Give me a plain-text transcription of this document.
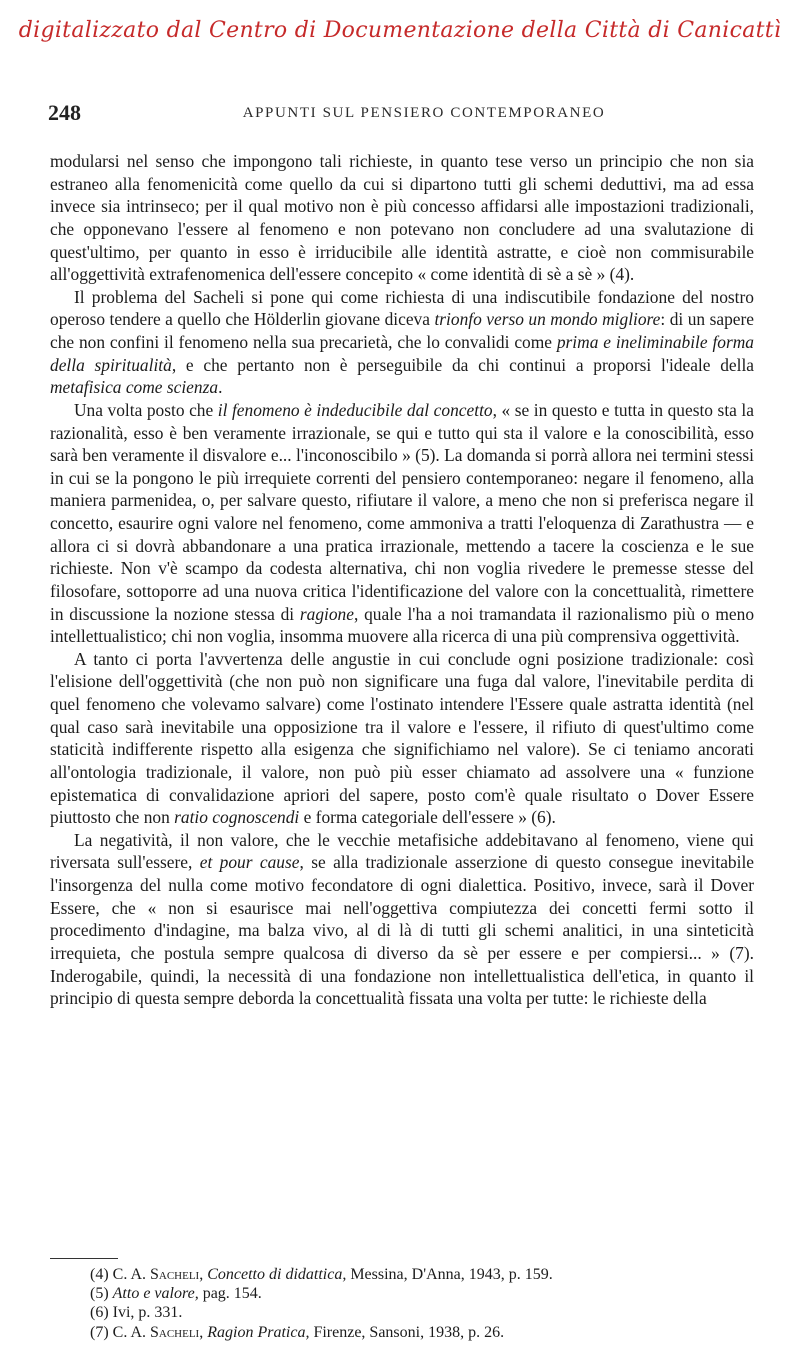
digitalizzato dal Centro di Documentazione della Città di Canicattì
248	APPUNTI SUL PENSIERO CONTEMPORANEO

modularsi nel senso che impongono tali richieste, in quanto tese verso un principio che non sia estraneo alla fenomenicità come quello da cui si dipartono tutti gli schemi deduttivi, ma ad essa invece sia intrinseco; per il qual motivo non è più concesso affidarsi alle impostazioni tradizionali, che opponevano l'essere al fenomeno e non potevano non concludere ad una svalutazione di quest'ultimo, per quanto in esso è irriducibile alle identità astratte, e cioè non commisurabile all'oggettività extrafenomenica dell'essere concepito « come identità di sè a sè » (4).

Il problema del Sacheli si pone qui come richiesta di una indiscutibile fondazione del nostro operoso tendere a quello che Hölderlin giovane diceva trionfo verso un mondo migliore: di un sapere che non confini il fenomeno nella sua precarietà, che lo convalidi come prima e ineliminabile forma della spiritualità, e che pertanto non è perseguibile da chi continui a proporsi l'ideale della metafisica come scienza.

Una volta posto che il fenomeno è indeducibile dal concetto, « se in questo e tutta in questo sta la razionalità, esso è ben veramente irrazionale, se qui e tutto qui sta il valore e la conoscibilità, esso sarà ben veramente il disvalore e... l'inconoscibilo » (5). La domanda si porrà allora nei termini stessi in cui se la pongono le più irrequiete correnti del pensiero contemporaneo: negare il fenomeno, alla maniera parmenidea, o, per salvare questo, rifiutare il valore, a meno che non si preferisca negare il concetto, esaurire ogni valore nel fenomeno, come ammoniva a tratti l'eloquenza di Zarathustra — e allora ci si dovrà abbandonare a una pratica irrazionale, mettendo a tacere la coscienza e le sue richieste. Non v'è scampo da codesta alternativa, chi non voglia rivedere le premesse stesse del filosofare, sottoporre ad una nuova critica l'identificazione del valore con la concettualità, rimettere in discussione la nozione stessa di ragione, quale l'ha a noi tramandata il razionalismo più o meno intellettualistico; chi non voglia, insomma muovere alla ricerca di una più comprensiva oggettività.

A tanto ci porta l'avvertenza delle angustie in cui conclude ogni posizione tradizionale: così l'elisione dell'oggettività (che non può non significare una fuga dal valore, l'inevitabile perdita di quel fenomeno che volevamo salvare) come l'ostinato intendere l'Essere quale astratta identità (nel qual caso sarà inevitabile una opposizione tra il valore e l'essere, il rifiuto di quest'ultimo come staticità indifferente rispetto alla esigenza che significhiamo nel valore). Se ci teniamo ancorati all'ontologia tradizionale, il valore, non può più esser chiamato ad assolvere una « funzione epistematica di convalidazione apriori del sapere, posto com'è quale risultato o Dover Essere piuttosto che non ratio cognoscendi e forma categoriale dell'essere » (6).

La negatività, il non valore, che le vecchie metafisiche addebitavano al fenomeno, viene qui riversata sull'essere, et pour cause, se alla tradizionale asserzione di questo consegue inevitabile l'insorgenza del nulla come motivo fecondatore di ogni dialettica. Positivo, invece, sarà il Dover Essere, che « non si esaurisce mai nell'oggettiva compiutezza dei concetti fermi sotto il procedimento d'indagine, ma balza vivo, al di là di tutti gli schemi analitici, in una sinteticità irrequieta, che postula sempre qualcosa di diverso da sè per essere e per compiersi... » (7). Inderogabile, quindi, la necessità di una fondazione non intellettualistica dell'etica, in quanto il principio di questa sempre deborda la concettualità fissata una volta per tutte: le richieste della

(4) C. A. Sacheli, Concetto di didattica, Messina, D'Anna, 1943, p. 159.

(5) Atto e valore, pag. 154.

(6) Ivi, p. 331.

(7) C. A. Sacheli, Ragion Pratica, Firenze, Sansoni, 1938, p. 26.
